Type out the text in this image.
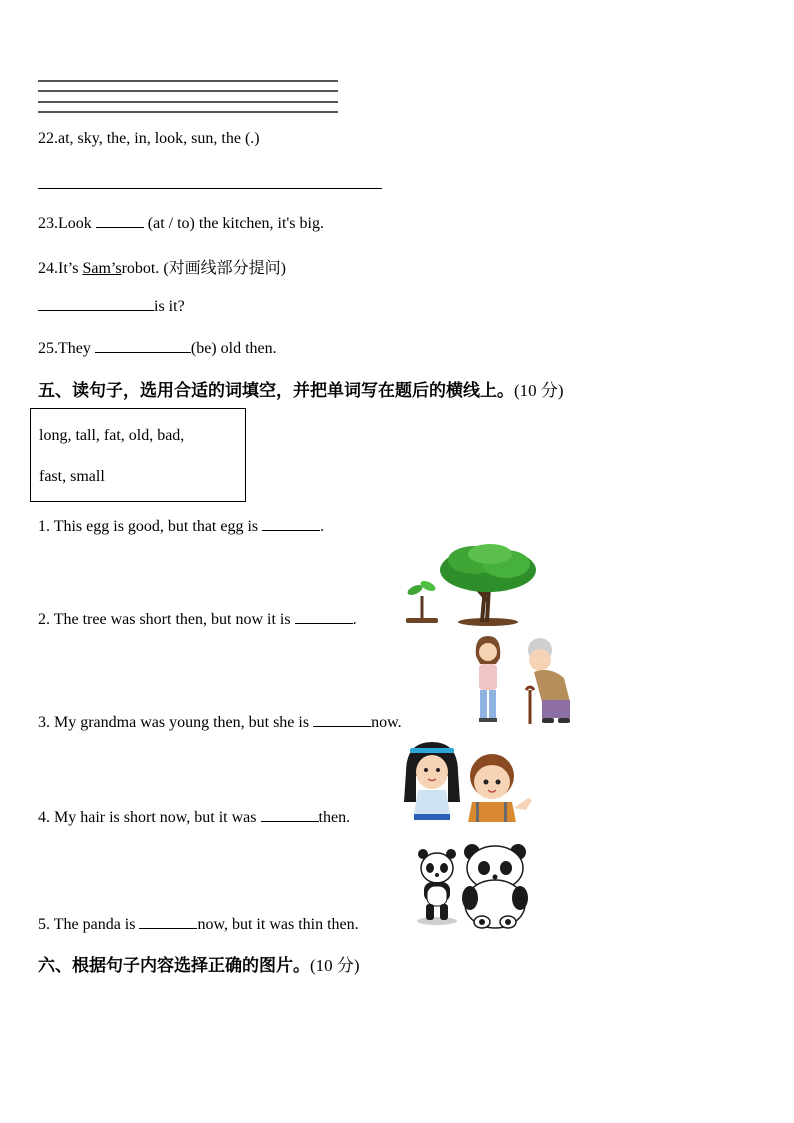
22.at, sky, the, in, look, sun, the (.)
23.Look	(at / to) the kitchen, it's big.
24.It’s Sam’srobot. (对画线部分提问)
is it?
25.They	(be) old then.
五、读句子，选用合适的词填空，并把单词写在题后的横线上。(10 分)
long, tall, fat, old, bad,
fast, small
1. This egg is good, but that egg is	.
2. The tree was short then, but now it is	.
3. My grandma was young then, but she is	now.
4. My hair is short now, but it was	then.
5. The panda is	now, but it was thin then.
六、根据句子内容选择正确的图片。(10 分)
